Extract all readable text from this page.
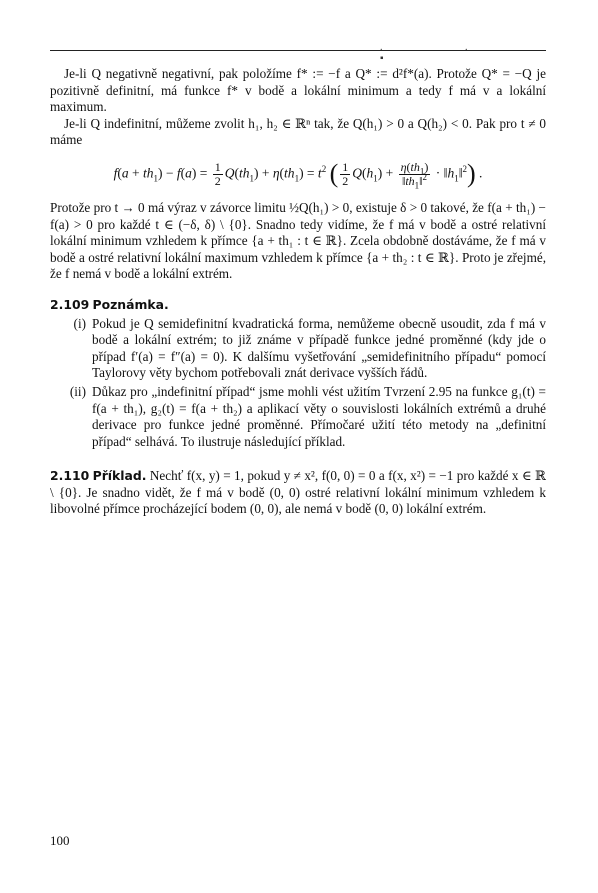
. . ▪

Je-li Q negativně negativní, pak položíme f* := −f a Q* := d²f*(a). Protože Q* = −Q je pozitivně definitní, má funkce f* v bodě a lokální minimum a tedy f má v a lokální maximum.

Je-li Q indefinitní, můžeme zvolit h₁, h₂ ∈ ℝⁿ tak, že Q(h₁) > 0 a Q(h₂) < 0. Pak pro t ≠ 0 máme

$f(a + th_1) - f(a) = \frac{1}{2} Q(th_1) + \eta(th_1) = t^2$ ( $\frac{1}{2} Q(h_1) + \frac{\eta(th_1)}{‖th_1‖^2}$ · $‖h_1‖^2$) .

Protože pro t → 0 má výraz v závorce limitu ½Q(h₁) > 0, existuje δ > 0 takové, že f(a + th₁) − f(a) > 0 pro každé t ∈ (−δ, δ) \ {0}. Snadno tedy vidíme, že f má v bodě a ostré relativní lokální minimum vzhledem k přímce {a + th₁ : t ∈ ℝ}. Zcela obdobně dostáváme, že f má v bodě a ostré relativní lokální maximum vzhledem k přímce {a + th₂ : t ∈ ℝ}. Proto je zřejmé, že f nemá v bodě a lokální extrém.

2.109 Poznámka.

(i) Pokud je Q semidefinitní kvadratická forma, nemůžeme obecně usoudit, zda f má v bodě a lokální extrém; to již známe v případě funkce jedné proměnné (kdy jde o případ f′(a) = f″(a) = 0). K dalšímu vyšetřování „semidefinitního případu“ pomocí Taylorovy věty bychom potřebovali znát derivace vyšších řádů.
(ii) Důkaz pro „indefinitní případ“ jsme mohli vést užitím Tvrzení 2.95 na funkce g₁(t) = f(a + th₁), g₂(t) = f(a + th₂) a aplikací věty o souvislosti lokálních extrémů a druhé derivace pro funkce jedné proměnné. Přímočaré užití této metody na „definitní případ“ selhává. To ilustruje následující příklad.

2.110 Příklad. Nechť f(x, y) = 1, pokud y ≠ x², f(0, 0) = 0 a f(x, x²) = −1 pro každé x ∈ ℝ \ {0}. Je snadno vidět, že f má v bodě (0, 0) ostré relativní lokální minimum vzhledem k libovolné přímce procházející bodem (0, 0), ale nemá v bodě (0, 0) lokální extrém.

100
